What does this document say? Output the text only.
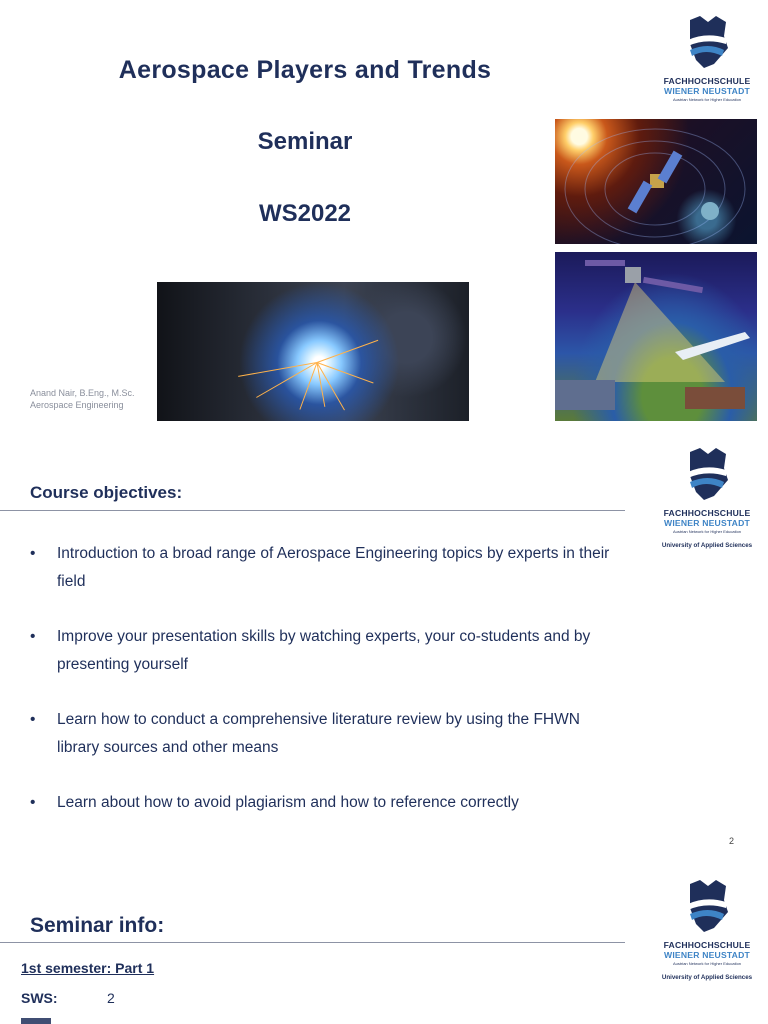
Aerospace Players and Trends
Seminar
WS2022
Anand Nair, B.Eng., M.Sc.
Aerospace Engineering
FACHHOCHSCHULE
WIENER NEUSTADT
Austrian Network for Higher Education
Course objectives:
• Introduction to a broad range of Aerospace Engineering topics by experts in their field
• Improve your presentation skills by watching experts, your co-students and by presenting yourself
• Learn how to conduct a comprehensive literature review by using the FHWN library sources and other means
• Learn about how to avoid plagiarism and how to reference correctly
FACHHOCHSCHULE
WIENER NEUSTADT
Austrian Network for Higher Education
University of Applied Sciences
2
Seminar info:
1st semester: Part 1
SWS:	2
FACHHOCHSCHULE
WIENER NEUSTADT
Austrian Network for Higher Education
University of Applied Sciences
